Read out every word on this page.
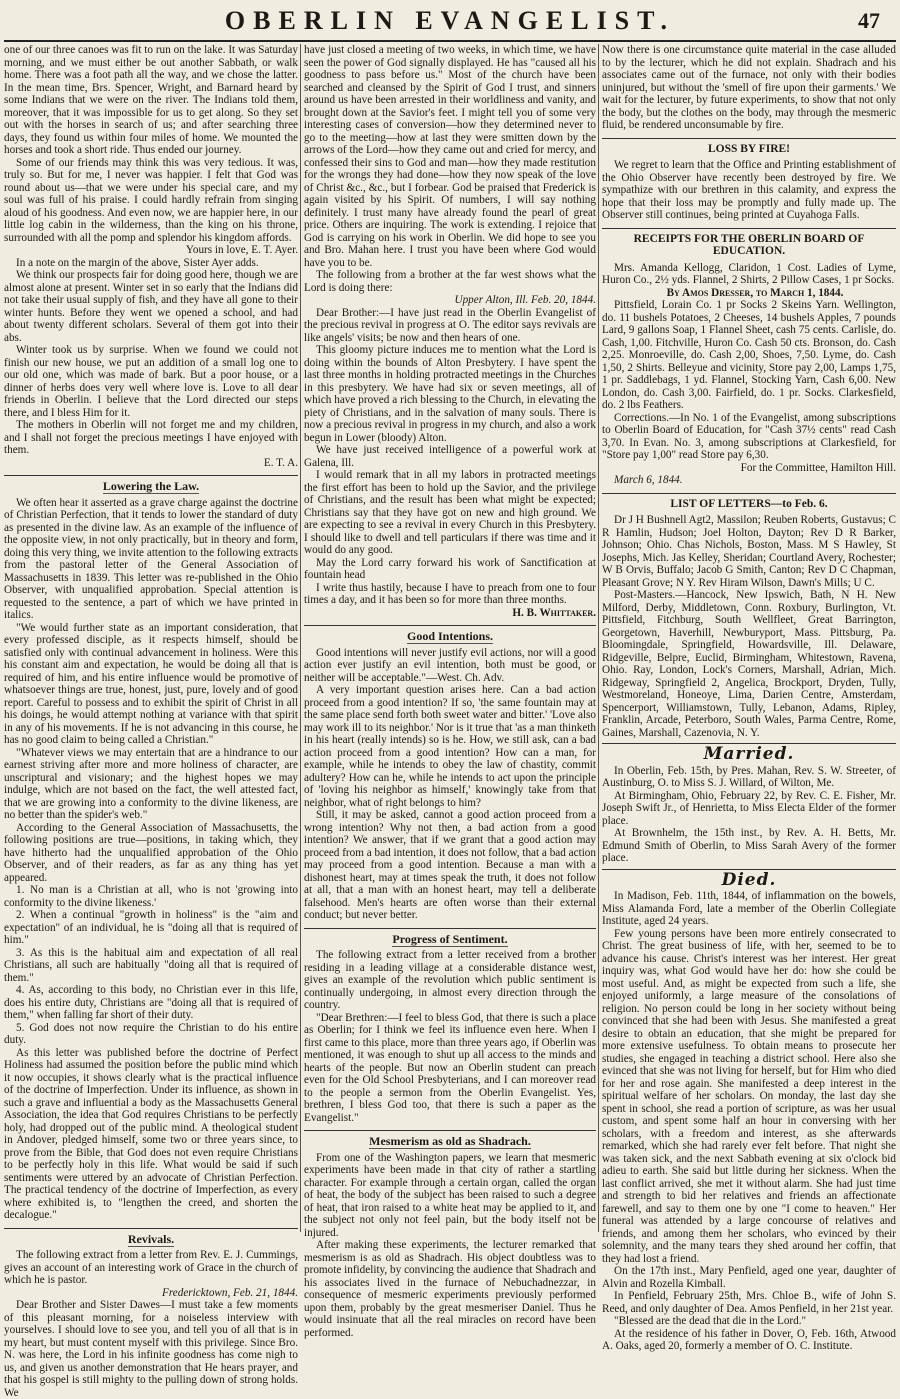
OBERLIN EVANGELIST.	47

one of our three canoes was fit to run on the lake. It was Saturday morning, and we must either be out another Sabbath, or walk home. There was a foot path all the way, and we chose the latter. In the mean time, Brs. Spencer, Wright, and Barnard heard by some Indians that we were on the river. The Indians told them, moreover, that it was impossible for us to get along. So they set out with the horses in search of us; and after searching three days, they found us within four miles of home. We mounted the horses and took a short ride. Thus ended our journey.

Some of our friends may think this was very tedious. It was, truly so. But for me, I never was happier. I felt that God was round about us—that we were under his special care, and my soul was full of his praise. I could hardly refrain from singing aloud of his goodness. And even now, we are happier here, in our little log cabin in the wilderness, than the king on his throne, surrounded with all the pomp and splendor his kingdom affords.

Yours in love, E. T. Ayer.

In a note on the margin of the above, Sister Ayer adds.

We think our prospects fair for doing good here, though we are almost alone at present. Winter set in so early that the Indians did not take their usual supply of fish, and they have all gone to their winter hunts. Before they went we opened a school, and had about twenty different scholars. Several of them got into their abs.

Winter took us by surprise. When we found we could not finish our new house, we put an addition of a small log one to our old one, which was made of bark. But a poor house, or a dinner of herbs does very well where love is. Love to all dear friends in Oberlin. I believe that the Lord directed our steps there, and I bless Him for it.

The mothers in Oberlin will not forget me and my children, and I shall not forget the precious meetings I have enjoyed with them.

E. T. A.

Lowering the Law.

We often hear it asserted as a grave charge against the doctrine of Christian Perfection, that it tends to lower the standard of duty as presented in the divine law. As an example of the influence of the opposite view, in not only practically, but in theory and form, doing this very thing, we invite attention to the following extracts from the pastoral letter of the General Association of Massachusetts in 1839. This letter was re-published in the Ohio Observer, with unqualified approbation. Special attention is requested to the sentence, a part of which we have printed in italics.

"We would further state as an important consideration, that every professed disciple, as it respects himself, should be satisfied only with continual advancement in holiness. Were this his constant aim and expectation, he would be doing all that is required of him, and his entire influence would be promotive of whatsoever things are true, honest, just, pure, lovely and of good report. Careful to possess and to exhibit the spirit of Christ in all his doings, he would attempt nothing at variance with that spirit in any of his movements. If he is not advancing in this course, he has no good claim to being called a Christian."

"Whatever views we may entertain that are a hindrance to our earnest striving after more and more holiness of character, are unscriptural and visionary; and the highest hopes we may indulge, which are not based on the fact, the well attested fact, that we are growing into a conformity to the divine likeness, are no better than the spider's web."

According to the General Association of Massachusetts, the following positions are true—positions, in taking which, they have hitherto had the unqualified approbation of the Ohio Observer, and of their readers, as far as any thing has yet appeared.

1. No man is a Christian at all, who is not 'growing into conformity to the divine likeness.'

2. When a continual "growth in holiness" is the "aim and expectation" of an individual, he is "doing all that is required of him."

3. As this is the habitual aim and expectation of all real Christians, all such are habitually "doing all that is required of them."

4. As, according to this body, no Christian ever in this life, does his entire duty, Christians are "doing all that is required of them," when falling far short of their duty.

5. God does not now require the Christian to do his entire duty.

As this letter was published before the doctrine of Perfect Holiness had assumed the position before the public mind which it now occupies, it shows clearly what is the practical influence of the doctrine of Imperfection. Under its influence, as shown in such a grave and influential a body as the Massachusetts General Association, the idea that God requires Christians to be perfectly holy, had dropped out of the public mind. A theological student in Andover, pledged himself, some two or three years since, to prove from the Bible, that God does not even require Christians to be perfectly holy in this life. What would be said if such sentiments were uttered by an advocate of Christian Perfection. The practical tendency of the doctrine of Imperfection, as every where exhibited is, to "lengthen the creed, and shorten the decalogue."

Revivals.

The following extract from a letter from Rev. E. J. Cummings, gives an account of an interesting work of Grace in the church of which he is pastor.

Fredericktown, Feb. 21, 1844.

Dear Brother and Sister Dawes—I must take a few moments of this pleasant morning, for a noiseless interview with yourselves. I should love to see you, and tell you of all that is in my heart, but must content myself with this privilege. Since Bro. N. was here, the Lord in his infinite goodness has come nigh to us, and given us another demonstration that He hears prayer, and that his gospel is still mighty to the pulling down of strong holds. We

have just closed a meeting of two weeks, in which time, we have seen the power of God signally displayed. He has "caused all his goodness to pass before us." Most of the church have been searched and cleansed by the Spirit of God I trust, and sinners around us have been arrested in their worldliness and vanity, and brought down at the Savior's feet. I might tell you of some very interesting cases of conversion—how they determined never to go to the meeting—how at last they were smitten down by the arrows of the Lord—how they came out and cried for mercy, and confessed their sins to God and man—how they made restitution for the wrongs they had done—how they now speak of the love of Christ &c., &c., but I forbear. God be praised that Frederick is again visited by his Spirit. Of numbers, I will say nothing definitely. I trust many have already found the pearl of great price. Others are inquiring. The work is extending. I rejoice that God is carrying on his work in Oberlin. We did hope to see you and Bro. Mahan here. I trust you have been where God would have you to be.

The following from a brother at the far west shows what the Lord is doing there:

Upper Alton, Ill. Feb. 20, 1844.

Dear Brother:—I have just read in the Oberlin Evangelist of the precious revival in progress at O. The editor says revivals are like angels' visits; be now and then hears of one.

This gloomy picture induces me to mention what the Lord is doing within the bounds of Alton Presbytery. I have spent the last three months in holding protracted meetings in the Churches in this presbytery. We have had six or seven meetings, all of which have proved a rich blessing to the Church, in elevating the piety of Christians, and in the salvation of many souls. There is now a precious revival in progress in my church, and also a work begun in Lower (bloody) Alton.

We have just received intelligence of a powerful work at Galena, Ill.

I would remark that in all my labors in protracted meetings the first effort has been to hold up the Savior, and the privilege of Christians, and the result has been what might be expected; Christians say that they have got on new and high ground. We are expecting to see a revival in every Church in this Presbytery. I should like to dwell and tell particulars if there was time and it would do any good.

May the Lord carry forward his work of Sanctification at fountain head

I write thus hastily, because I have to preach from one to four times a day, and it has been so for more than three months.

H. B. Whittaker.

Good Intentions.

Good intentions will never justify evil actions, nor will a good action ever justify an evil intention, both must be good, or neither will be acceptable."—West. Ch. Adv.

A very important question arises here. Can a bad action proceed from a good intention? If so, 'the same fountain may at the same place send forth both sweet water and bitter.' 'Love also may work ill to its neighbor.' Nor is it true that 'as a man thinketh in his heart (really intends) so is he. How, we still ask, can a bad action proceed from a good intention? How can a man, for example, while he intends to obey the law of chastity, commit adultery? How can he, while he intends to act upon the principle of 'loving his neighbor as himself,' knowingly take from that neighbor, what of right belongs to him?

Still, it may be asked, cannot a good action proceed from a wrong intention? Why not then, a bad action from a good intention? We answer, that if we grant that a good action may proceed from a bad intention, it does not follow, that a bad action may proceed from a good intention. Because a man with a dishonest heart, may at times speak the truth, it does not follow at all, that a man with an honest heart, may tell a deliberate falsehood. Men's hearts are often worse than their external conduct; but never better.

Progress of Sentiment.

The following extract from a letter received from a brother residing in a leading village at a considerable distance west, gives an example of the revolution which public sentiment is continually undergoing, in almost every direction through the country.

"Dear Brethren:—I feel to bless God, that there is such a place as Oberlin; for I think we feel its influence even here. When I first came to this place, more than three years ago, if Oberlin was mentioned, it was enough to shut up all access to the minds and hearts of the people. But now an Oberlin student can preach even for the Old School Presbyterians, and I can moreover read to the people a sermon from the Oberlin Evangelist. Yes, brethren, I bless God too, that there is such a paper as the Evangelist."

Mesmerism as old as Shadrach.

From one of the Washington papers, we learn that mesmeric experiments have been made in that city of rather a startling character. For example through a certain organ, called the organ of heat, the body of the subject has been raised to such a degree of heat, that iron raised to a white heat may be applied to it, and the subject not only not feel pain, but the body itself not be injured.

After making these experiments, the lecturer remarked that mesmerism is as old as Shadrach. His object doubtless was to promote infidelity, by convincing the audience that Shadrach and his associates lived in the furnace of Nebuchadnezzar, in consequence of mesmeric experiments previously performed upon them, probably by the great mesmeriser Daniel. Thus he would insinuate that all the real miracles on record have been performed.

Now there is one circumstance quite material in the case alluded to by the lecturer, which he did not explain. Shadrach and his associates came out of the furnace, not only with their bodies uninjured, but without the 'smell of fire upon their garments.' We wait for the lecturer, by future experiments, to show that not only the body, but the clothes on the body, may through the mesmeric fluid, be rendered unconsumable by fire.

LOSS BY FIRE!

We regret to learn that the Office and Printing establishment of the Ohio Observer have recently been destroyed by fire. We sympathize with our brethren in this calamity, and express the hope that their loss may be promptly and fully made up. The Observer still continues, being printed at Cuyahoga Falls.

RECEIPTS FOR THE OBERLIN BOARD OF EDUCATION.

Mrs. Amanda Kellogg, Claridon, 1 Cost. Ladies of Lyme, Huron Co., 2½ yds. Flannel, 2 Shirts, 2 Pillow Cases, 1 pr Socks.

By Amos Dresser, to March 1, 1844.

Pittsfield, Lorain Co. 1 pr Socks 2 Skeins Yarn. Wellington, do. 11 bushels Potatoes, 2 Cheeses, 14 bushels Apples, 7 pounds Lard, 9 gallons Soap, 1 Flannel Sheet, cash 75 cents. Carlisle, do. Cash, 1,00. Fitchville, Huron Co. Cash 50 cts. Bronson, do. Cash 2,25. Monroeville, do. Cash 2,00, Shoes, 7,50. Lyme, do. Cash 1,50, 2 Shirts. Belleyue and vicinity, Store pay 2,00, Lamps 1,75, 1 pr. Saddlebags, 1 yd. Flannel, Stocking Yarn, Cash 6,00. New London, do. Cash 3,00. Fairfield, do. 1 pr. Socks. Clarkesfield, do. 2 lbs Feathers.

Corrections.—In No. 1 of the Evangelist, among subscriptions to Oberlin Board of Education, for "Cash 37½ cents" read Cash 3,70. In Evan. No. 3, among subscriptions at Clarkesfield, for "Store pay 1,00" read Store pay 6,30.

For the Committee, Hamilton Hill.

March 6, 1844.

LIST OF LETTERS—to Feb. 6.

Dr J H Bushnell Agt2, Massilon; Reuben Roberts, Gustavus; C R Hamlin, Hudson; Joel Holton, Dayton; Rev D R Barker, Johnson; Ohio. Chas Nichols, Boston, Mass. M S Hawley, St Josephs, Mich. Jas Kelley, Sheridan; Courtland Avery, Rochester; W B Orvis, Buffalo; Jacob G Smith, Canton; Rev D C Chapman, Pleasant Grove; N Y. Rev Hiram Wilson, Dawn's Mills; U C.

Post-Masters.—Hancock, New Ipswich, Bath, N H. New Milford, Derby, Middletown, Conn. Roxbury, Burlington, Vt. Pittsfield, Fitchburg, South Wellfleet, Great Barrington, Georgetown, Haverhill, Newburyport, Mass. Pittsburg, Pa. Bloomingdale, Springfield, Howardsville, Ill. Delaware, Ridgeville, Belpre, Euclid, Birmingham, Whitestown, Ravena, Ohio. Ray, London, Lock's Corners, Marshall, Adrian, Mich. Ridgeway, Springfield 2, Angelica, Brockport, Dryden, Tully, Westmoreland, Honeoye, Lima, Darien Centre, Amsterdam, Spencerport, Williamstown, Tully, Lebanon, Adams, Ripley, Franklin, Arcade, Peterboro, South Wales, Parma Centre, Rome, Gaines, Marshall, Cazenovia, N. Y.

Married.

In Oberlin, Feb. 15th, by Pres. Mahan, Rev. S. W. Streeter, of Austinburg, O. to Miss S. J. Willard, of Wilton, Me.

At Birmingham, Ohio, February 22, by Rev. C. E. Fisher, Mr. Joseph Swift Jr., of Henrietta, to Miss Electa Elder of the former place.

At Brownhelm, the 15th inst., by Rev. A. H. Betts, Mr. Edmund Smith of Oberlin, to Miss Sarah Avery of the former place.

Died.

In Madison, Feb. 11th, 1844, of inflammation on the bowels, Miss Alamanda Ford, late a member of the Oberlin Collegiate Institute, aged 24 years.

Few young persons have been more entirely consecrated to Christ. The great business of life, with her, seemed to be to advance his cause. Christ's interest was her interest. Her great inquiry was, what God would have her do: how she could be most useful. And, as might be expected from such a life, she enjoyed uniformly, a large measure of the consolations of religion. No person could be long in her society without being convinced that she had been with Jesus. She manifested a great desire to obtain an education, that she might be prepared for more extensive usefulness. To obtain means to prosecute her studies, she engaged in teaching a district school. Here also she evinced that she was not living for herself, but for Him who died for her and rose again. She manifested a deep interest in the spiritual welfare of her scholars. On monday, the last day she spent in school, she read a portion of scripture, as was her usual custom, and spent some half an hour in conversing with her scholars, with a freedom and interest, as she afterwards remarked, which she had rarely ever felt before. That night she was taken sick, and the next Sabbath evening at six o'clock bid adieu to earth. She said but little during her sickness. When the last conflict arrived, she met it without alarm. She had just time and strength to bid her relatives and friends an affectionate farewell, and say to them one by one "I come to heaven." Her funeral was attended by a large concourse of relatives and friends, and among them her scholars, who evinced by their solemnity, and the many tears they shed around her coffin, that they had lost a friend.

On the 17th inst., Mary Penfield, aged one year, daughter of Alvin and Rozella Kimball.

In Penfield, February 25th, Mrs. Chloe B., wife of John S. Reed, and only daughter of Dea. Amos Penfield, in her 21st year.

"Blessed are the dead that die in the Lord."

At the residence of his father in Dover, O, Feb. 16th, Atwood A. Oaks, aged 20, formerly a member of O. C. Institute.
